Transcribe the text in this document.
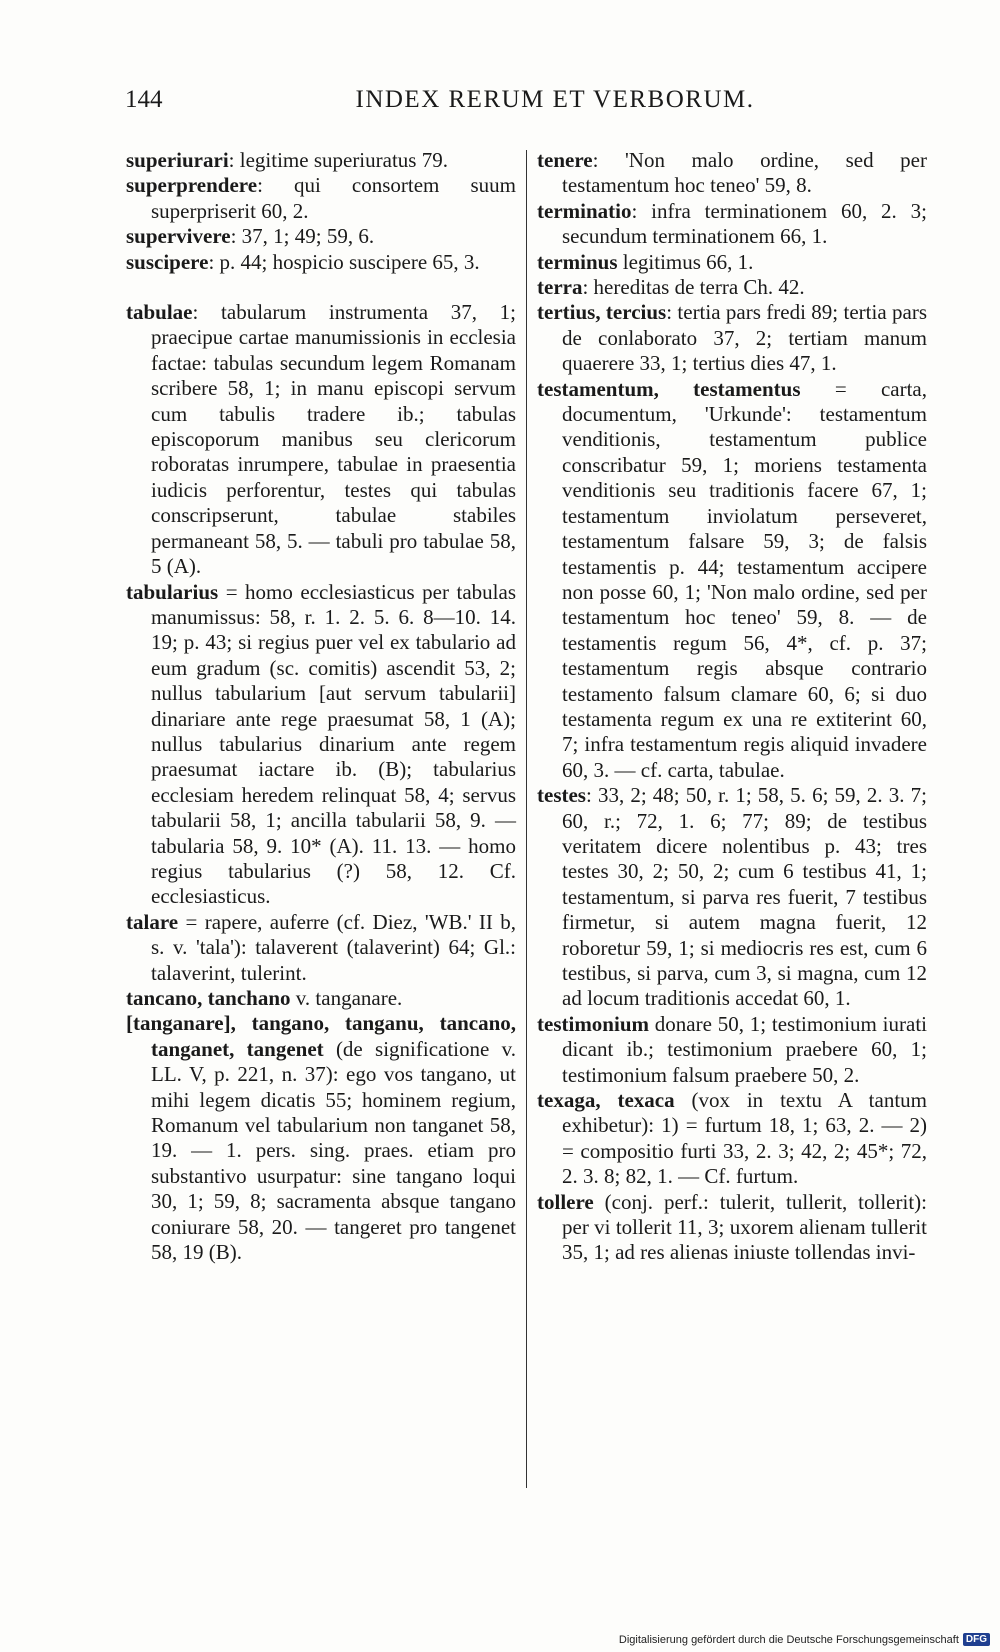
144	INDEX RERUM ET VERBORUM.

superiurari: legitime superiuratus 79.

superprendere: qui consortem suum superpriserit 60, 2.

supervivere: 37, 1; 49; 59, 6.

suscipere: p. 44; hospicio suscipere 65, 3.

tabulae: tabularum instrumenta 37, 1; praecipue cartae manumissionis in ecclesia factae: tabulas secundum legem Romanam scribere 58, 1; in manu episcopi servum cum tabulis tradere ib.; tabulas episcoporum manibus seu clericorum roboratas inrumpere, tabulae in praesentia iudicis perforentur, testes qui tabulas conscripserunt, tabulae stabiles permaneant 58, 5. — tabuli pro tabulae 58, 5 (A).

tabularius = homo ecclesiasticus per tabulas manumissus: 58, r. 1. 2. 5. 6. 8—10. 14. 19; p. 43; si regius puer vel ex tabulario ad eum gradum (sc. comitis) ascendit 53, 2; nullus tabularium [aut servum tabularii] dinariare ante rege praesumat 58, 1 (A); nullus tabularius dinarium ante regem praesumat iactare ib. (B); tabularius ecclesiam heredem relinquat 58, 4; servus tabularii 58, 1; ancilla tabularii 58, 9. — tabularia 58, 9. 10* (A). 11. 13. — homo regius tabularius (?) 58, 12. Cf. ecclesiasticus.

talare = rapere, auferre (cf. Diez, 'WB.' II b, s. v. 'tala'): talaverent (talaverint) 64; Gl.: talaverint, tulerint.

tancano, tanchano v. tanganare.

[tanganare], tangano, tanganu, tancano, tanganet, tangenet (de significatione v. LL. V, p. 221, n. 37): ego vos tangano, ut mihi legem dicatis 55; hominem regium, Romanum vel tabularium non tanganet 58, 19. — 1. pers. sing. praes. etiam pro substantivo usurpatur: sine tangano loqui 30, 1; 59, 8; sacramenta absque tangano coniurare 58, 20. — tangeret pro tangenet 58, 19 (B).

tenere: 'Non malo ordine, sed per testamentum hoc teneo' 59, 8.

terminatio: infra terminationem 60, 2. 3; secundum terminationem 66, 1.

terminus legitimus 66, 1.

terra: hereditas de terra Ch. 42.

tertius, tercius: tertia pars fredi 89; tertia pars de conlaborato 37, 2; tertiam manum quaerere 33, 1; tertius dies 47, 1.

testamentum, testamentus = carta, documentum, 'Urkunde': testamentum venditionis, testamentum publice conscribatur 59, 1; moriens testamenta venditionis seu traditionis facere 67, 1; testamentum inviolatum perseveret, testamentum falsare 59, 3; de falsis testamentis p. 44; testamentum accipere non posse 60, 1; 'Non malo ordine, sed per testamentum hoc teneo' 59, 8. — de testamentis regum 56, 4*, cf. p. 37; testamentum regis absque contrario testamento falsum clamare 60, 6; si duo testamenta regum ex una re extiterint 60, 7; infra testamentum regis aliquid invadere 60, 3. — cf. carta, tabulae.

testes: 33, 2; 48; 50, r. 1; 58, 5. 6; 59, 2. 3. 7; 60, r.; 72, 1. 6; 77; 89; de testibus veritatem dicere nolentibus p. 43; tres testes 30, 2; 50, 2; cum 6 testibus 41, 1; testamentum, si parva res fuerit, 7 testibus firmetur, si autem magna fuerit, 12 roboretur 59, 1; si mediocris res est, cum 6 testibus, si parva, cum 3, si magna, cum 12 ad locum traditionis accedat 60, 1.

testimonium donare 50, 1; testimonium iurati dicant ib.; testimonium praebere 60, 1; testimonium falsum praebere 50, 2.

texaga, texaca (vox in textu A tantum exhibetur): 1) = furtum 18, 1; 63, 2. — 2) = compositio furti 33, 2. 3; 42, 2; 45*; 72, 2. 3. 8; 82, 1. — Cf. furtum.

tollere (conj. perf.: tulerit, tullerit, tollerit): per vi tollerit 11, 3; uxorem alienam tullerit 35, 1; ad res alienas iniuste tollendas invi-

Digitalisierung gefördert durch die Deutsche Forschungsgemeinschaft DFG
